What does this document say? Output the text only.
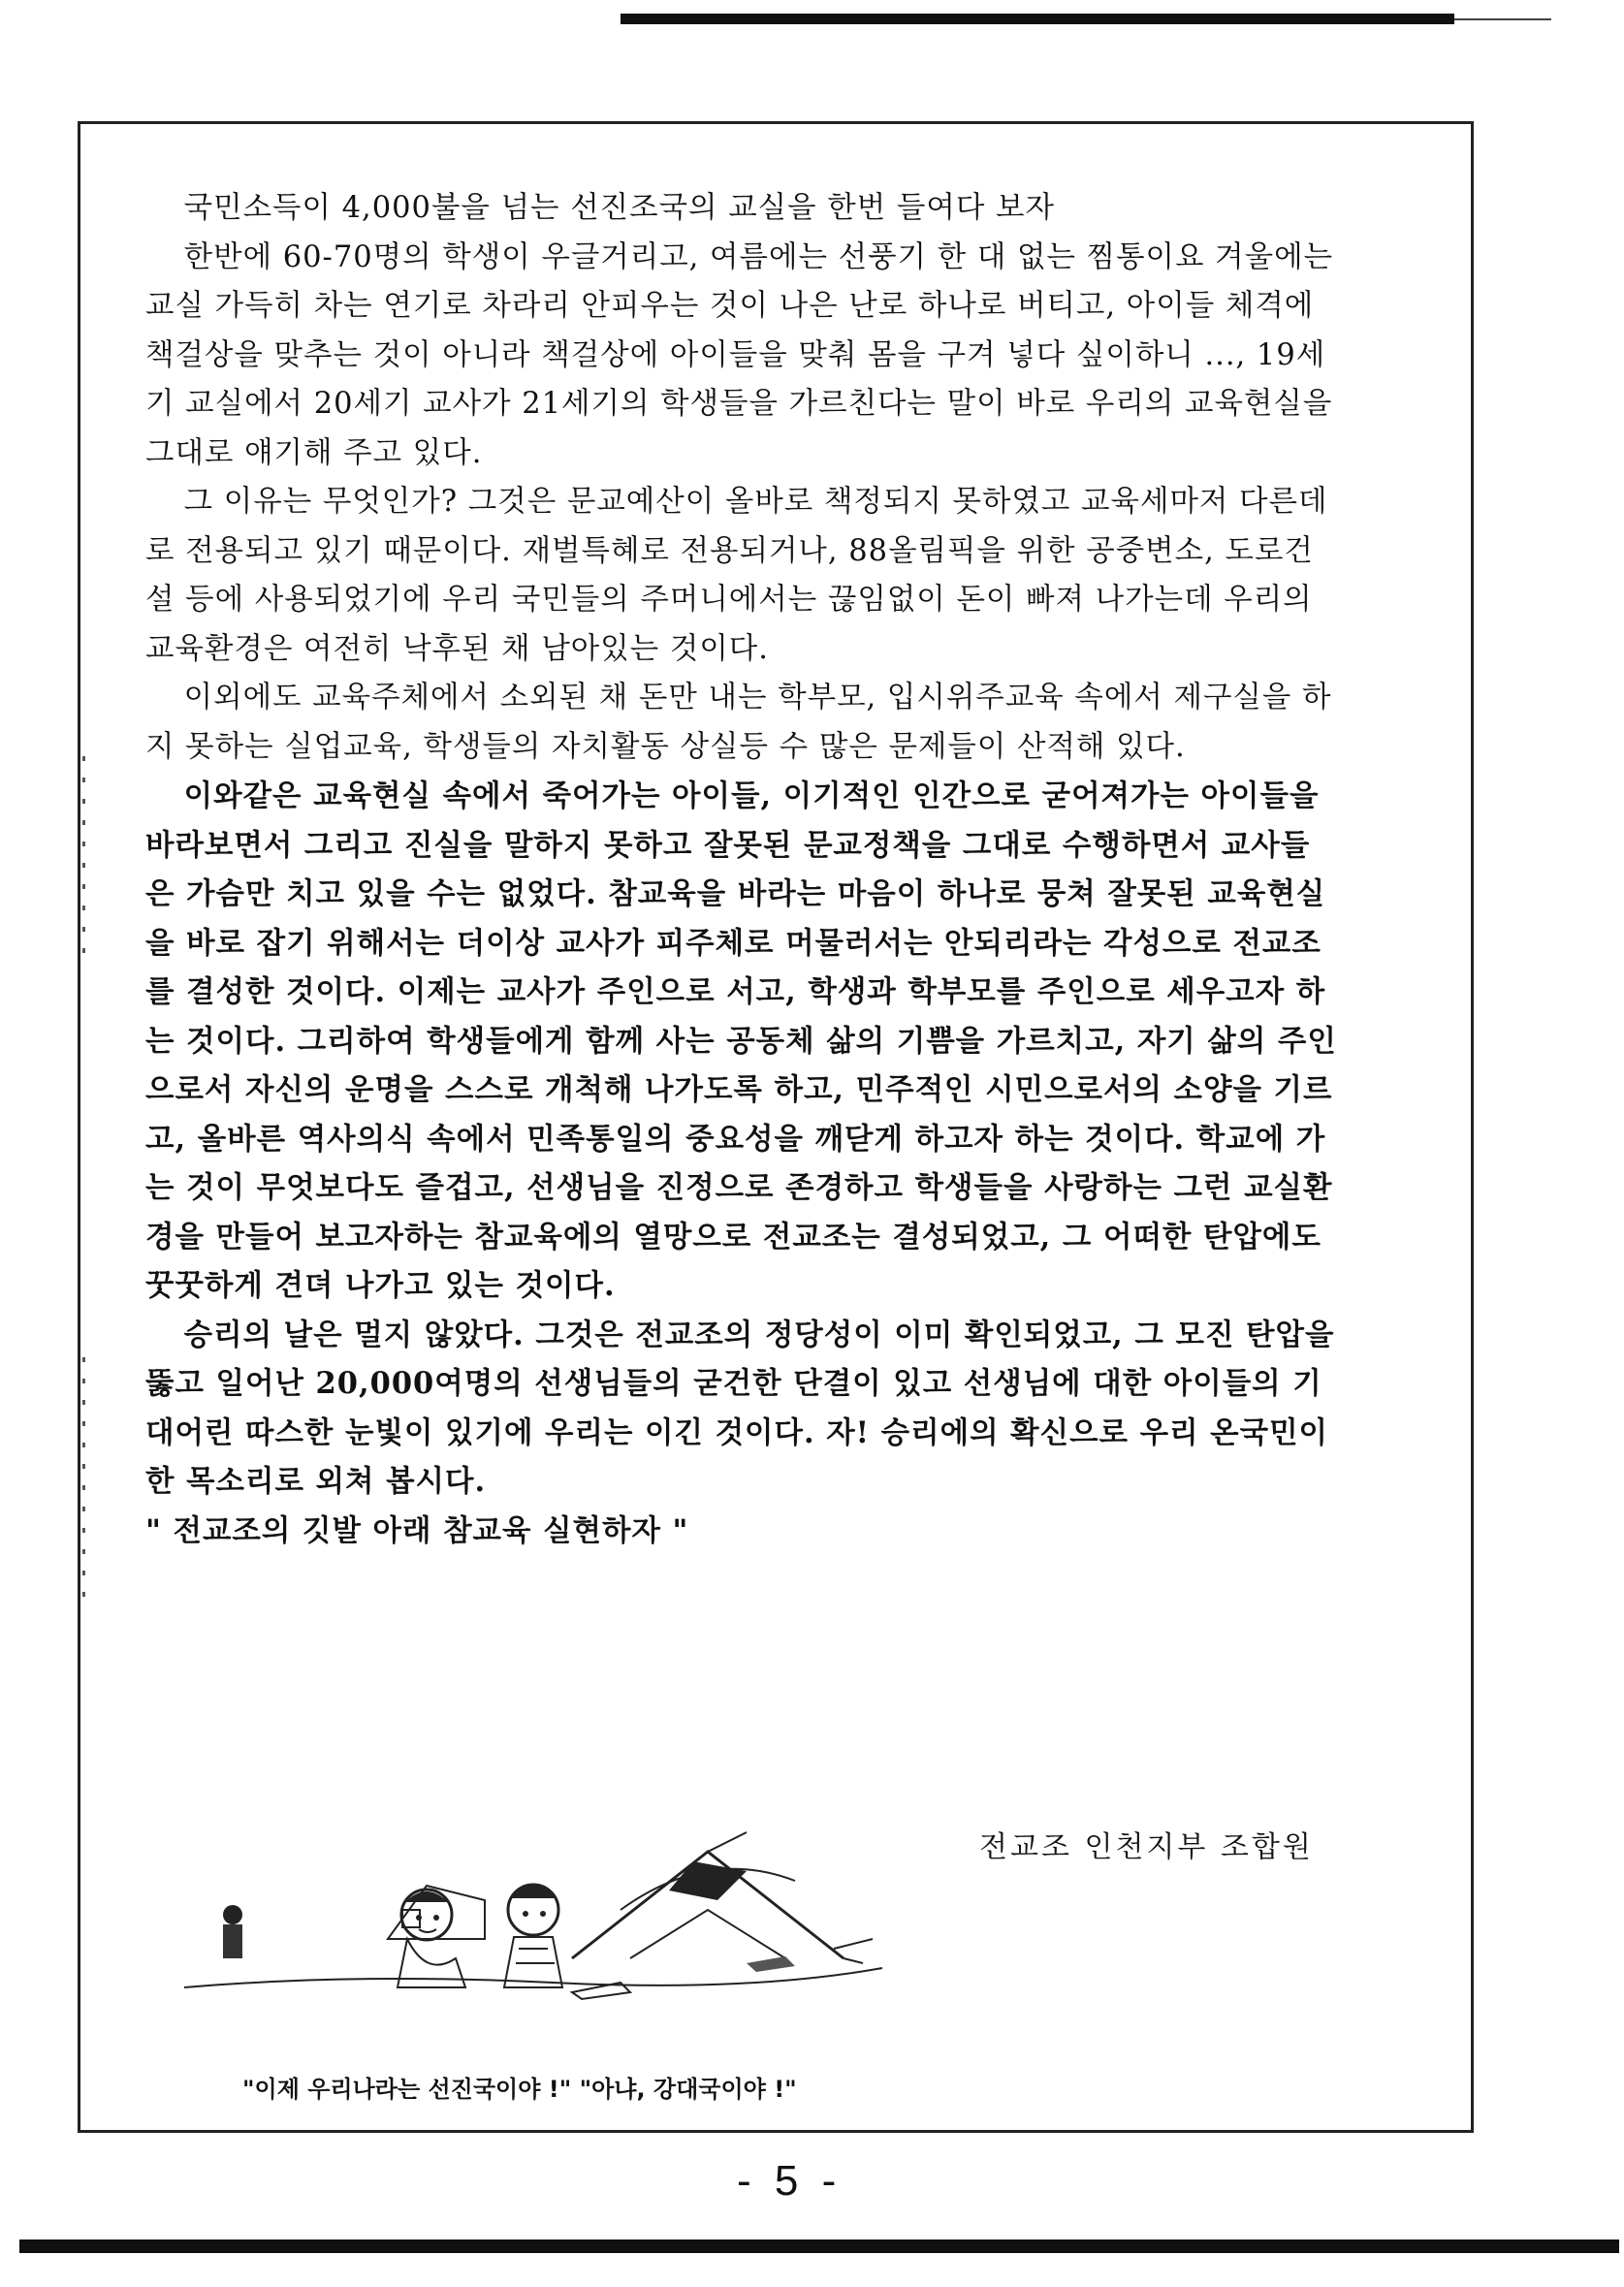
국민소득이 4,000불을 넘는 선진조국의 교실을 한번 들여다 보자

한반에 60-70명의 학생이 우글거리고, 여름에는 선풍기 한 대 없는 찜통이요 겨울에는 교실 가득히 차는 연기로 차라리 안피우는 것이 나은 난로 하나로 버티고, 아이들 체격에 책걸상을 맞추는 것이 아니라 책걸상에 아이들을 맞춰 몸을 구겨 넣다 싶이하니 ..., 19세기 교실에서 20세기 교사가 21세기의 학생들을 가르친다는 말이 바로 우리의 교육현실을 그대로 얘기해 주고 있다.

그 이유는 무엇인가? 그것은 문교예산이 올바로 책정되지 못하였고 교육세마저 다른데로 전용되고 있기 때문이다. 재벌특혜로 전용되거나, 88올림픽을 위한 공중변소, 도로건설 등에 사용되었기에 우리 국민들의 주머니에서는 끊임없이 돈이 빠져 나가는데 우리의 교육환경은 여전히 낙후된 채 남아있는 것이다.

이외에도 교육주체에서 소외된 채 돈만 내는 학부모, 입시위주교육 속에서 제구실을 하지 못하는 실업교육, 학생들의 자치활동 상실등 수 많은 문제들이 산적해 있다.

이와같은 교육현실 속에서 죽어가는 아이들, 이기적인 인간으로 굳어져가는 아이들을 바라보면서 그리고 진실을 말하지 못하고 잘못된 문교정책을 그대로 수행하면서 교사들은 가슴만 치고 있을 수는 없었다. 참교육을 바라는 마음이 하나로 뭉쳐 잘못된 교육현실을 바로 잡기 위해서는 더이상 교사가 피주체로 머물러서는 안되리라는 각성으로 전교조를 결성한 것이다. 이제는 교사가 주인으로 서고, 학생과 학부모를 주인으로 세우고자 하는 것이다. 그리하여 학생들에게 함께 사는 공동체 삶의 기쁨을 가르치고, 자기 삶의 주인으로서 자신의 운명을 스스로 개척해 나가도록 하고, 민주적인 시민으로서의 소양을 기르고, 올바른 역사의식 속에서 민족통일의 중요성을 깨닫게 하고자 하는 것이다. 학교에 가는 것이 무엇보다도 즐겁고, 선생님을 진정으로 존경하고 학생들을 사랑하는 그런 교실환경을 만들어 보고자하는 참교육에의 열망으로 전교조는 결성되었고, 그 어떠한 탄압에도 꿋꿋하게 견뎌 나가고 있는 것이다.

승리의 날은 멀지 않았다. 그것은 전교조의 정당성이 이미 확인되었고, 그 모진 탄압을 뚫고 일어난 20,000여명의 선생님들의 굳건한 단결이 있고 선생님에 대한 아이들의 기대어린 따스한 눈빛이 있기에 우리는 이긴 것이다. 자! 승리에의 확신으로 우리 온국민이 한 목소리로 외쳐 봅시다.

" 전교조의 깃발 아래 참교육 실현하자 "

전교조 인천지부 조합원
"이제 우리나라는 선진국이야 !" "아냐, 강대국이야 !"
- 5 -
